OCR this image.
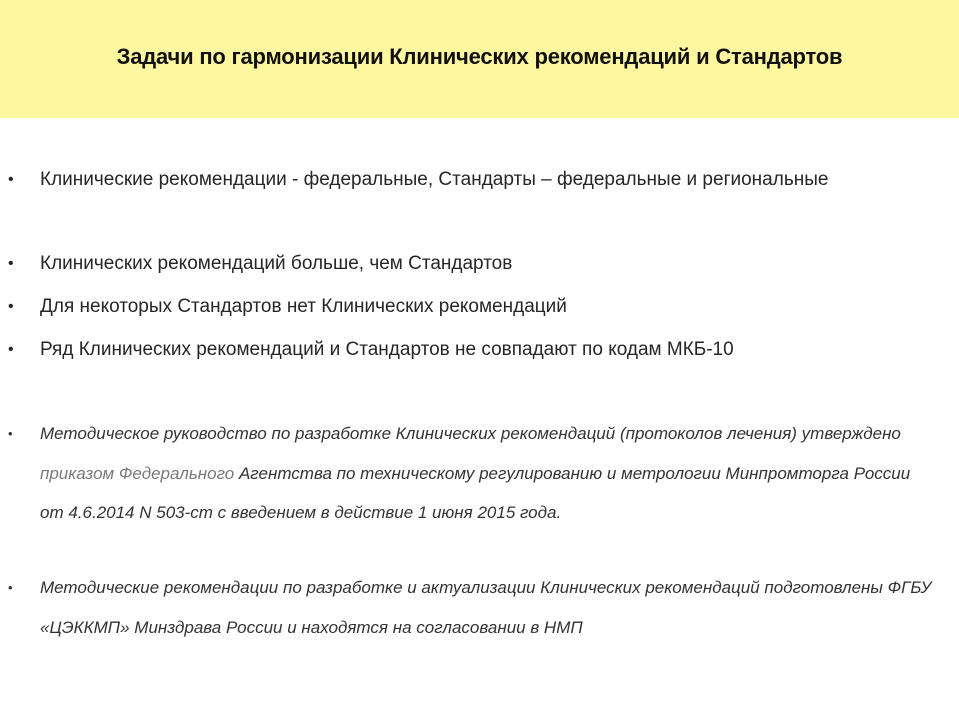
Задачи по гармонизации Клинических рекомендаций и Стандартов
•	Клинические рекомендации - федеральные, Стандарты – федеральные и региональные
•	Клинических рекомендаций больше, чем Стандартов
•	Для некоторых Стандартов нет Клинических рекомендаций
•	Ряд Клинических рекомендаций и Стандартов не совпадают по кодам МКБ-10
•	Методическое руководство по разработке Клинических рекомендаций (протоколов лечения) утверждено приказом Федерального Агентства по техническому регулированию и метрологии Минпромторга России от 4.6.2014 N 503-ст с введением в действие 1 июня 2015 года.
•	Методические рекомендации по разработке и актуализации Клинических рекомендаций подготовлены ФГБУ «ЦЭККМП» Минздрава России и находятся на согласовании в НМП
